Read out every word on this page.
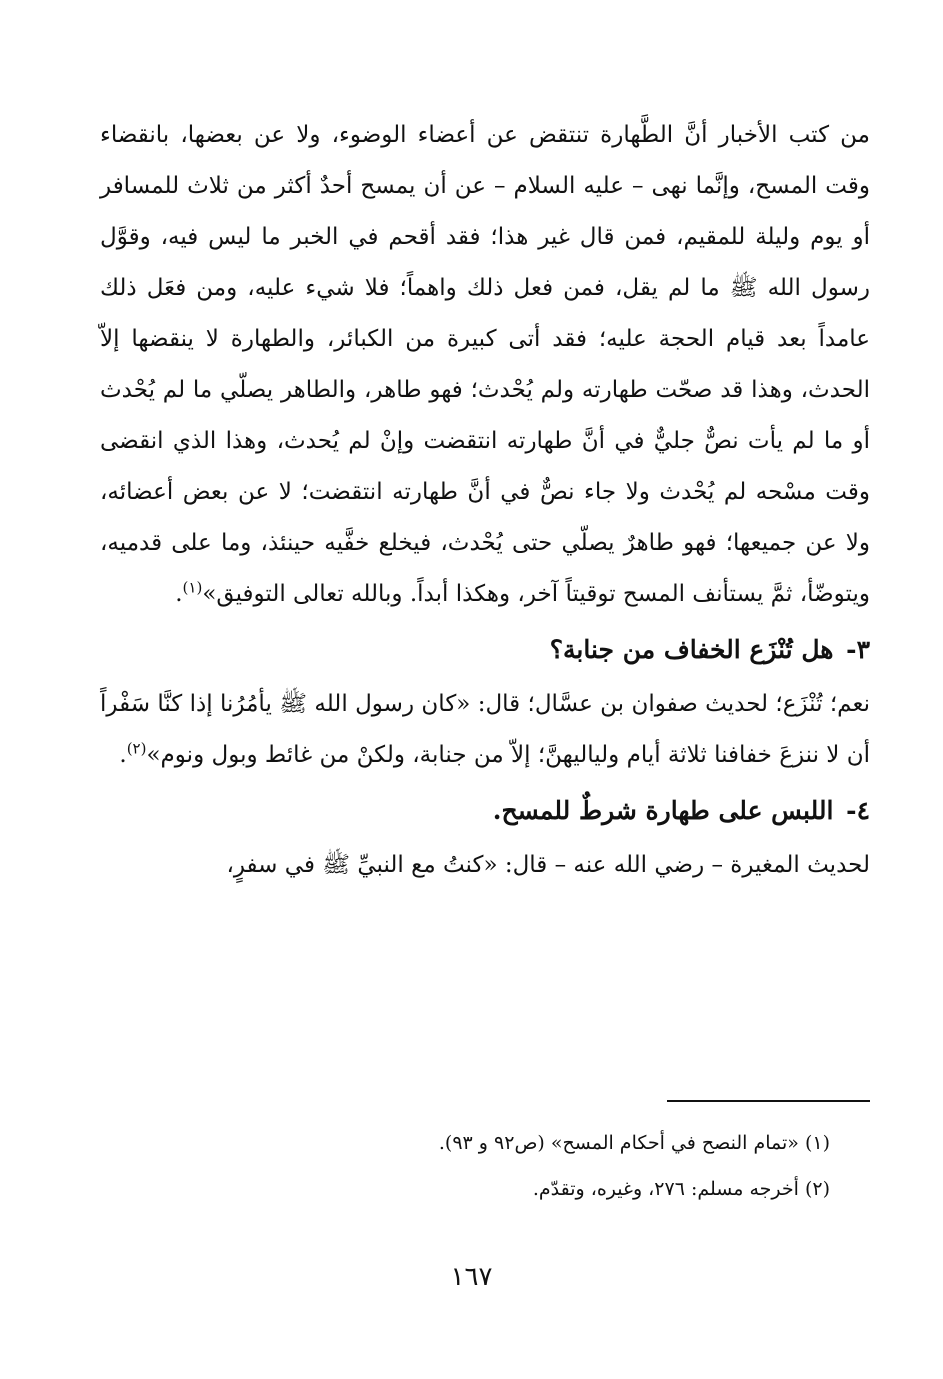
من كتب الأخبار أنَّ الطَّهارة تنتقض عن أعضاء الوضوء، ولا عن بعضها، بانقضاء وقت المسح، وإنَّما نهى – عليه السلام – عن أن يمسح أحدٌ أكثر من ثلاث للمسافر أو يوم وليلة للمقيم، فمن قال غير هذا؛ فقد أقحم في الخبر ما ليس فيه، وقوَّل رسول الله ﷺ ما لم يقل، فمن فعل ذلك واهماً؛ فلا شيء عليه، ومن فعَل ذلك عامداً بعد قيام الحجة عليه؛ فقد أتى كبيرة من الكبائر، والطهارة لا ينقضها إلاّ الحدث، وهذا قد صحّت طهارته ولم يُحْدث؛ فهو طاهر، والطاهر يصلّي ما لم يُحْدث أو ما لم يأت نصٌّ جليٌّ في أنَّ طهارته انتقضت وإنْ لم يُحدث، وهذا الذي انقضى وقت مسْحه لم يُحْدث ولا جاء نصٌّ في أنَّ طهارته انتقضت؛ لا عن بعض أعضائه، ولا عن جميعها؛ فهو طاهرٌ يصلّي حتى يُحْدث، فيخلع خفَّيه حينئذ، وما على قدميه، ويتوضّأ، ثمَّ يستأنف المسح توقيتاً آخر، وهكذا أبداً. وبالله تعالى التوفيق»$^{(١)}$.

٣- هل تُنْزَع الخفاف من جنابة؟

نعم؛ تُنْزَع؛ لحديث صفوان بن عسَّال؛ قال: «كان رسول الله ﷺ يأمُرُنا إذا كنَّا سَفْراً أن لا ننزعَ خفافنا ثلاثة أيام ولياليهنَّ؛ إلاّ من جنابة، ولكنْ من غائط وبول ونوم»$^{(٢)}$.

٤- اللبس على طهارة شرطٌ للمسح.

لحديث المغيرة – رضي الله عنه – قال: «كنتُ مع النبيِّ ﷺ في سفرٍ،

(١) «تمام النصح في أحكام المسح» (ص٩٢ و ٩٣).

(٢) أخرجه مسلم: ٢٧٦، وغيره، وتقدّم.

١٦٧
